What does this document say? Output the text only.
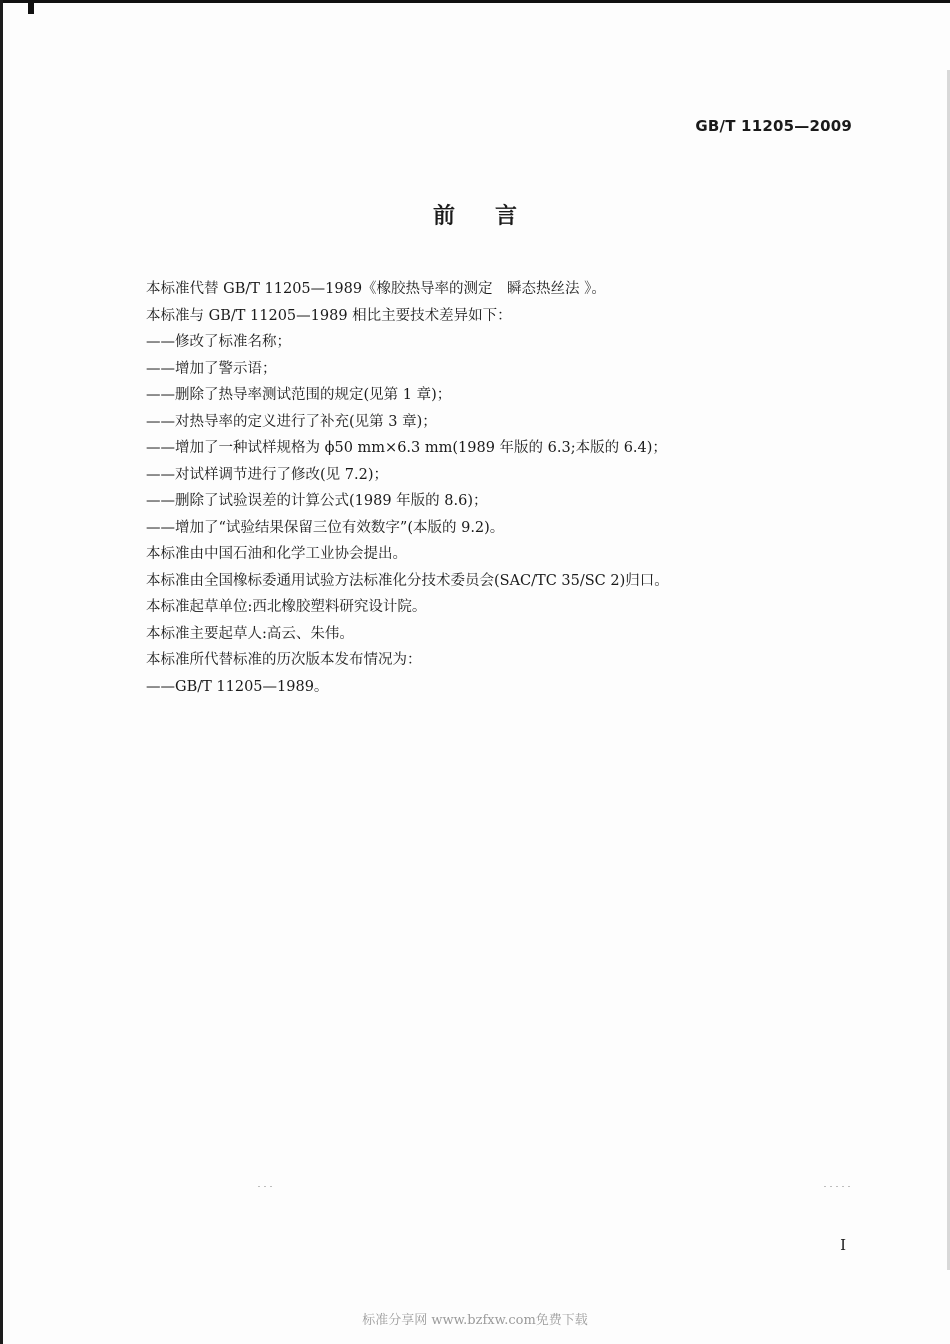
GB/T 11205—2009
前言
本标准代替 GB/T 11205—1989《橡胶热导率的测定　瞬态热丝法 》。
本标准与 GB/T 11205—1989 相比主要技术差异如下：
——修改了标准名称；
——增加了警示语；
——删除了热导率测试范围的规定(见第 1 章)；
——对热导率的定义进行了补充(见第 3 章)；
——增加了一种试样规格为 ϕ50 mm×6.3 mm(1989 年版的 6.3;本版的 6.4)；
——对试样调节进行了修改(见 7.2)；
——删除了试验误差的计算公式(1989 年版的 8.6)；
——增加了“试验结果保留三位有效数字”(本版的 9.2)。
本标准由中国石油和化学工业协会提出。
本标准由全国橡标委通用试验方法标准化分技术委员会(SAC/TC 35/SC 2)归口。
本标准起草单位:西北橡胶塑料研究设计院。
本标准主要起草人:高云、朱伟。
本标准所代替标准的历次版本发布情况为：
——GB/T 11205—1989。
I
标准分享网 www.bzfxw.com免费下载
